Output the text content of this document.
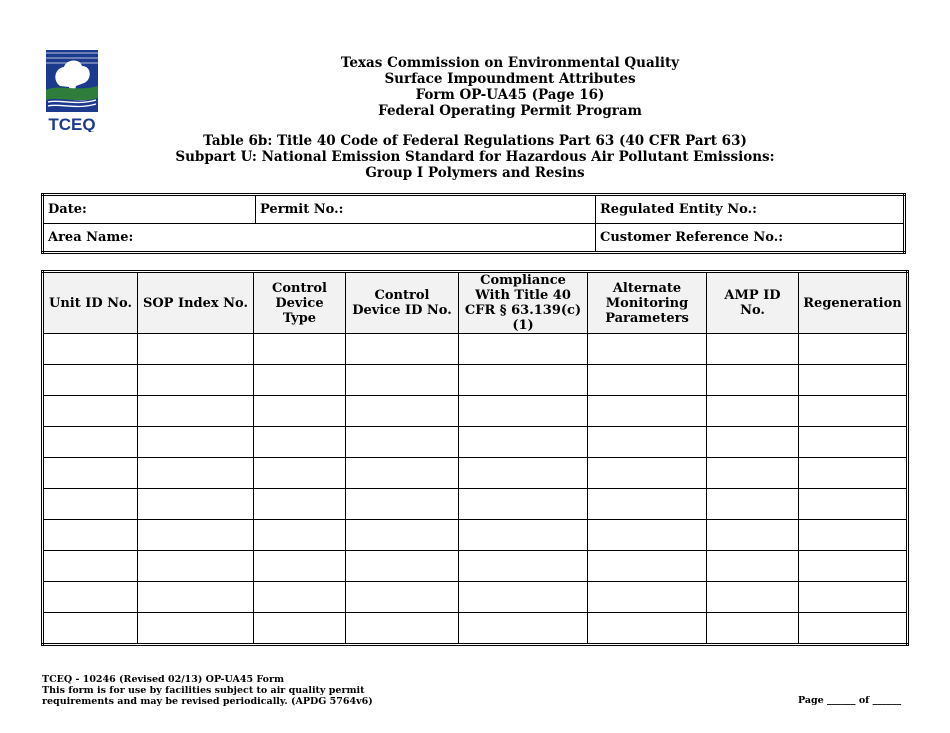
TCEQ
Texas Commission on Environmental Quality
Surface Impoundment Attributes
Form OP-UA45 (Page 16)
Federal Operating Permit Program
Table 6b: Title 40 Code of Federal Regulations Part 63 (40 CFR Part 63)
Subpart U: National Emission Standard for Hazardous Air Pollutant Emissions:
Group I Polymers and Resins
Date:	Permit No.:	Regulated Entity No.:
Area Name:		Customer Reference No.:
Unit ID No.	SOP Index No.	Control Device Type	Control Device ID No.	Compliance With Title 40 CFR § 63.139(c)(1)	Alternate Monitoring Parameters	AMP ID No.	Regeneration

TCEQ - 10246 (Revised 02/13) OP-UA45 Form
This form is for use by facilities subject to air quality permit
requirements and may be revised periodically. (APDG 5764v6)	Page ______ of ______
